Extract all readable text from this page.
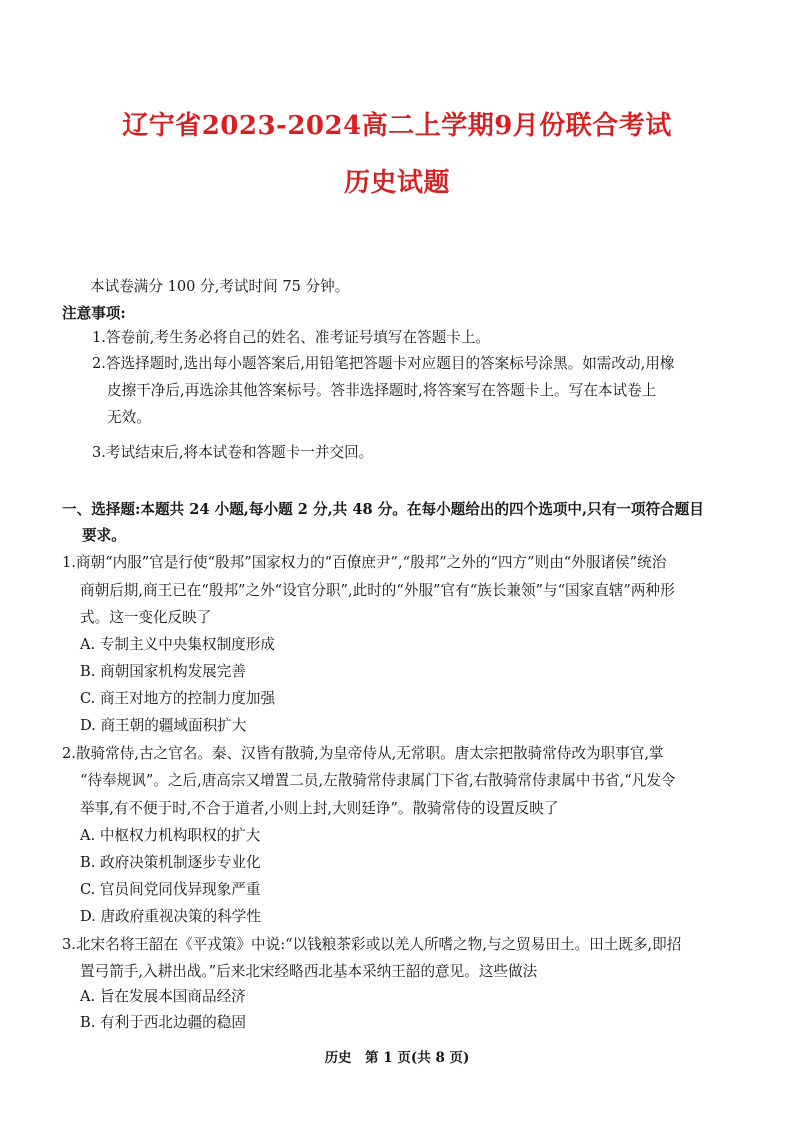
辽宁省2023-2024高二上学期9月份联合考试
历史试题
本试卷满分 100 分,考试时间 75 分钟。
注意事项:
1.答卷前,考生务必将自己的姓名、准考证号填写在答题卡上。
2.答选择题时,选出每小题答案后,用铅笔把答题卡对应题目的答案标号涂黑。如需改动,用橡
皮擦干净后,再选涂其他答案标号。答非选择题时,将答案写在答题卡上。写在本试卷上
无效。
3.考试结束后,将本试卷和答题卡一并交回。
一、选择题:本题共 24 小题,每小题 2 分,共 48 分。在每小题给出的四个选项中,只有一项符合题目
要求。
1.商朝“内服”官是行使“殷邦”国家权力的“百僚庶尹”,“殷邦”之外的“四方”则由“外服诸侯”统治
商朝后期,商王已在“殷邦”之外“设官分职”,此时的“外服”官有“族长兼领”与“国家直辖”两种形
式。这一变化反映了
A. 专制主义中央集权制度形成
B. 商朝国家机构发展完善
C. 商王对地方的控制力度加强
D. 商王朝的疆域面积扩大
2.散骑常侍,古之官名。秦、汉皆有散骑,为皇帝侍从,无常职。唐太宗把散骑常侍改为职事官,掌
“待奉规讽”。之后,唐高宗又增置二员,左散骑常侍隶属门下省,右散骑常侍隶属中书省,“凡发令
举事,有不便于时,不合于道者,小则上封,大则廷诤”。散骑常侍的设置反映了
A. 中枢权力机构职权的扩大
B. 政府决策机制逐步专业化
C. 官员间党同伐异现象严重
D. 唐政府重视决策的科学性
3.北宋名将王韶在《平戎策》中说:“以钱粮茶彩或以羌人所嗜之物,与之贸易田土。田土既多,即招
置弓箭手,入耕出战。”后来北宋经略西北基本采纳王韶的意见。这些做法
A. 旨在发展本国商品经济
B. 有利于西北边疆的稳固
历史　第 1 页(共 8 页)
